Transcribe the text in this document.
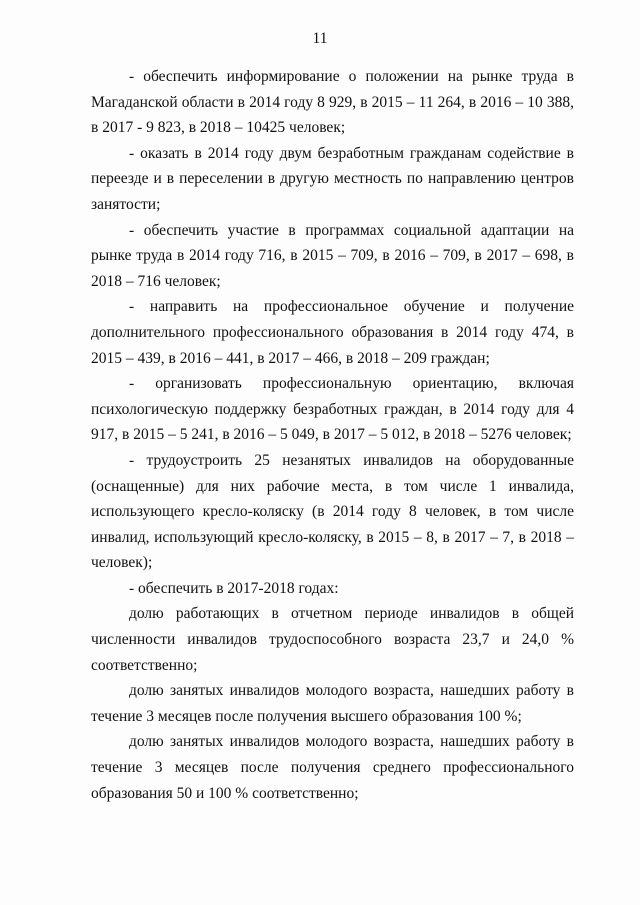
11

- обеспечить информирование о положении на рынке труда в Магаданской области в 2014 году 8 929, в 2015 – 11 264, в 2016 – 10 388, в 2017 - 9 823, в 2018 – 10425 человек;

- оказать в 2014 году двум безработным гражданам содействие в переезде и в переселении в другую местность по направлению центров занятости;

- обеспечить участие в программах социальной адаптации на рынке труда в 2014 году 716, в 2015 – 709, в 2016 – 709, в 2017 – 698, в 2018 – 716 человек;

- направить на профессиональное обучение и получение дополнительного профессионального образования в 2014 году 474, в 2015 – 439, в 2016 – 441, в 2017 – 466, в 2018 – 209 граждан;

- организовать профессиональную ориентацию, включая психологическую поддержку безработных граждан, в 2014 году для 4 917, в 2015 – 5 241, в 2016 – 5 049, в 2017 – 5 012, в 2018 – 5276 человек;

- трудоустроить 25 незанятых инвалидов на оборудованные (оснащенные) для них рабочие места, в том числе 1 инвалида, использующего кресло-коляску (в 2014 году 8 человек, в том числе инвалид, использующий кресло-коляску, в 2015 – 8, в 2017 – 7, в 2018 – человек);

- обеспечить в 2017-2018 годах:

долю работающих в отчетном периоде инвалидов в общей численности инвалидов трудоспособного возраста 23,7 и 24,0 % соответственно;

долю занятых инвалидов молодого возраста, нашедших работу в течение 3 месяцев после получения высшего образования 100 %;

долю занятых инвалидов молодого возраста, нашедших работу в течение 3 месяцев после получения среднего профессионального образования 50 и 100 % соответственно;
